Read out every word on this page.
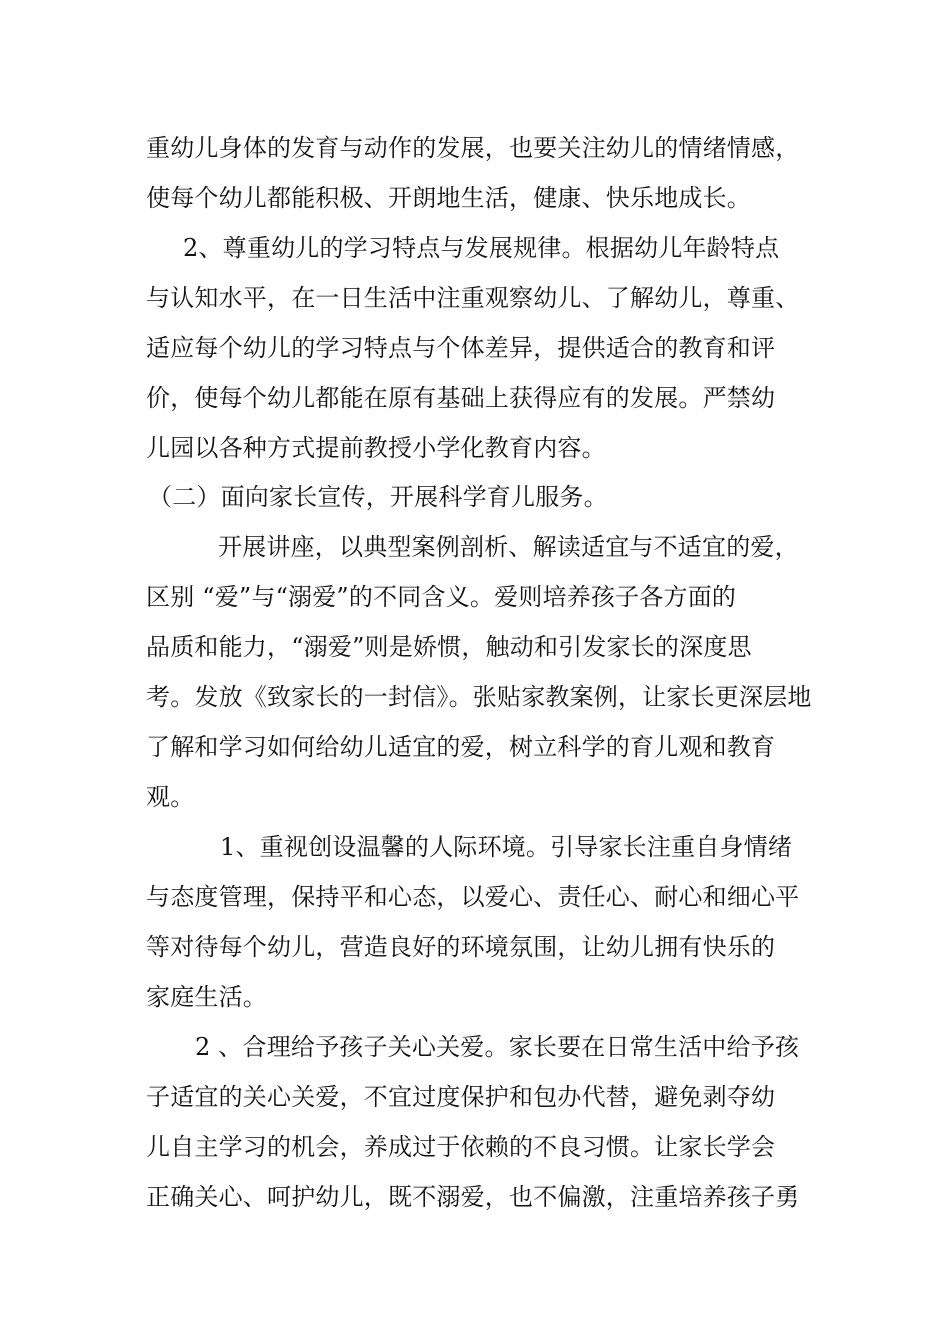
重幼儿身体的发育与动作的发展，也要关注幼儿的情绪情感，
使每个幼儿都能积极、开朗地生活，健康、快乐地成长。
2、尊重幼儿的学习特点与发展规律。根据幼儿年龄特点
与认知水平，在一日生活中注重观察幼儿、了解幼儿，尊重、
适应每个幼儿的学习特点与个体差异，提供适合的教育和评
价，使每个幼儿都能在原有基础上获得应有的发展。严禁幼
儿园以各种方式提前教授小学化教育内容。
（二）面向家长宣传，开展科学育儿服务。
开展讲座，以典型案例剖析、解读适宜与不适宜的爱，
区别 “爱”与“溺爱”的不同含义。爱则培养孩子各方面的
品质和能力，“溺爱”则是娇惯，触动和引发家长的深度思
考。发放《致家长的一封信》。张贴家教案例，让家长更深层地
了解和学习如何给幼儿适宜的爱，树立科学的育儿观和教育
观。
1、重视创设温馨的人际环境。引导家长注重自身情绪
与态度管理，保持平和心态，以爱心、责任心、耐心和细心平
等对待每个幼儿，营造良好的环境氛围，让幼儿拥有快乐的
家庭生活。
2 、合理给予孩子关心关爱。家长要在日常生活中给予孩
子适宜的关心关爱，不宜过度保护和包办代替，避免剥夺幼
儿自主学习的机会，养成过于依赖的不良习惯。让家长学会
正确关心、呵护幼儿，既不溺爱，也不偏激，注重培养孩子勇
